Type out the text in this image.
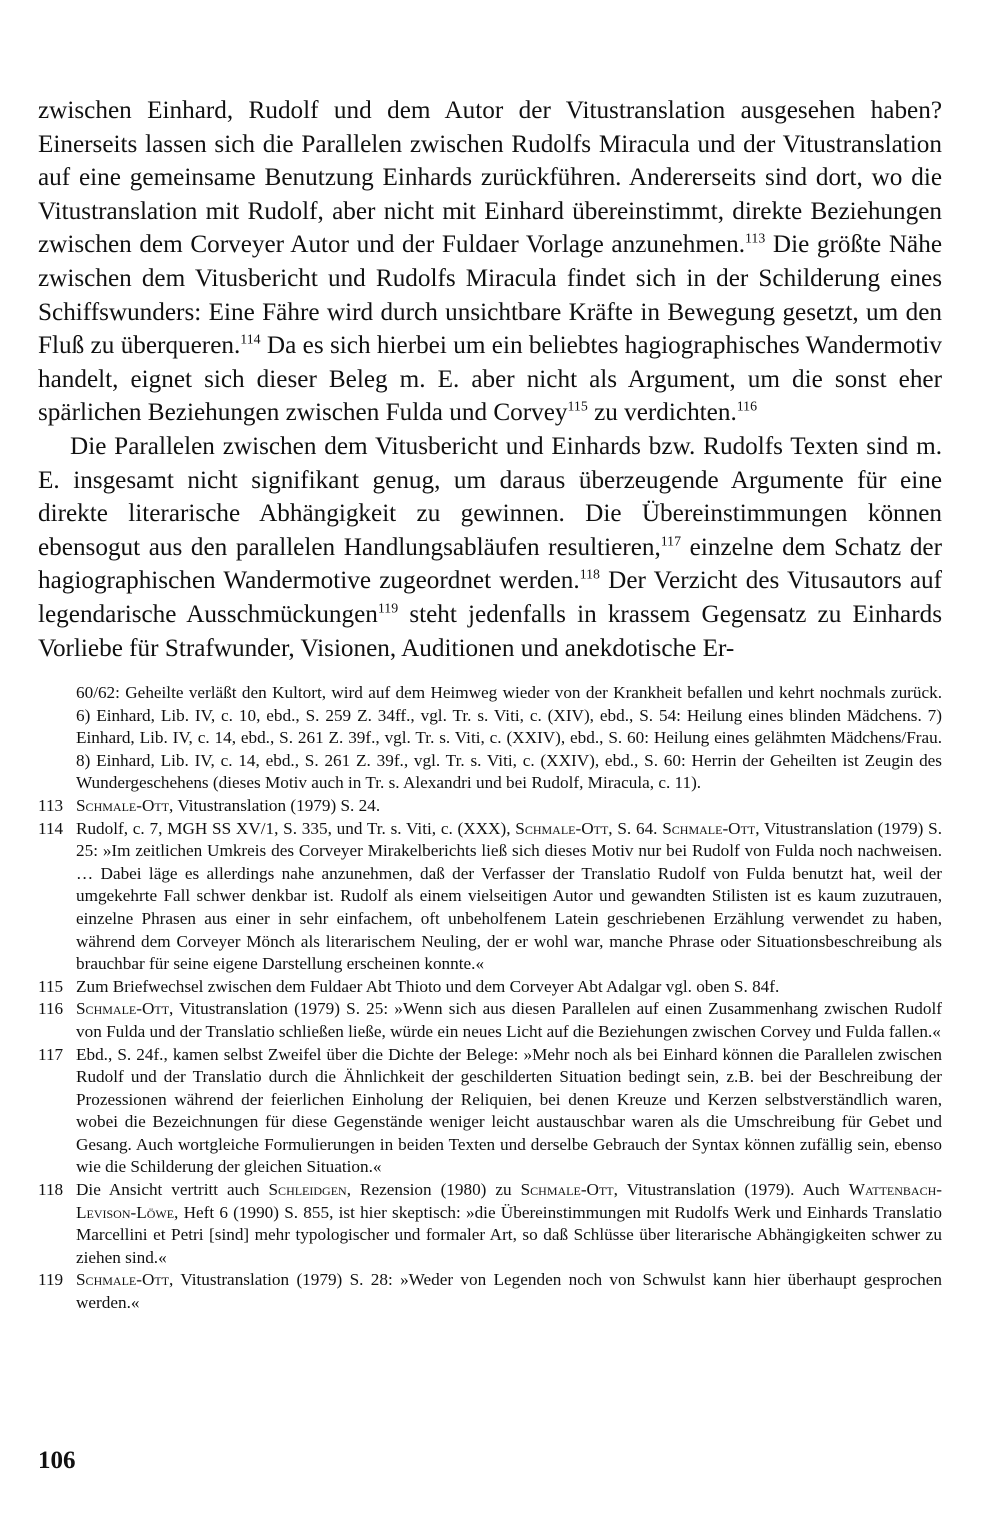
zwischen Einhard, Rudolf und dem Autor der Vitustranslation ausgesehen haben? Einerseits lassen sich die Parallelen zwischen Rudolfs Miracula und der Vitustranslation auf eine gemeinsame Benutzung Einhards zurückführen. Andererseits sind dort, wo die Vitustranslation mit Rudolf, aber nicht mit Einhard übereinstimmt, direkte Beziehungen zwischen dem Corveyer Autor und der Fuldaer Vorlage anzunehmen.$^{113}$ Die größte Nähe zwischen dem Vitusbericht und Rudolfs Miracula findet sich in der Schilderung eines Schiffswunders: Eine Fähre wird durch unsichtbare Kräfte in Bewegung gesetzt, um den Fluß zu überqueren.$^{114}$ Da es sich hierbei um ein beliebtes hagiographisches Wandermotiv handelt, eignet sich dieser Beleg m. E. aber nicht als Argument, um die sonst eher spärlichen Beziehungen zwischen Fulda und Corvey$^{115}$ zu verdichten.$^{116}$

Die Parallelen zwischen dem Vitusbericht und Einhards bzw. Rudolfs Texten sind m. E. insgesamt nicht signifikant genug, um daraus überzeugende Argumente für eine direkte literarische Abhängigkeit zu gewinnen. Die Übereinstimmungen können ebensogut aus den parallelen Handlungsabläufen resultieren,$^{117}$ einzelne dem Schatz der hagiographischen Wandermotive zugeordnet werden.$^{118}$ Der Verzicht des Vitusautors auf legendarische Ausschmückungen$^{119}$ steht jedenfalls in krassem Gegensatz zu Einhards Vorliebe für Strafwunder, Visionen, Auditionen und anekdotische Er-

60/62: Geheilte verläßt den Kultort, wird auf dem Heimweg wieder von der Krankheit befallen und kehrt nochmals zurück. 6) Einhard, Lib. IV, c. 10, ebd., S. 259 Z. 34ff., vgl. Tr. s. Viti, c. (XIV), ebd., S. 54: Heilung eines blinden Mädchens. 7) Einhard, Lib. IV, c. 14, ebd., S. 261 Z. 39f., vgl. Tr. s. Viti, c. (XXIV), ebd., S. 60: Heilung eines gelähmten Mädchens/Frau. 8) Einhard, Lib. IV, c. 14, ebd., S. 261 Z. 39f., vgl. Tr. s. Viti, c. (XXIV), ebd., S. 60: Herrin der Geheilten ist Zeugin des Wundergeschehens (dieses Motiv auch in Tr. s. Alexandri und bei Rudolf, Miracula, c. 11).

113 Schmale-Ott, Vitustranslation (1979) S. 24.

114 Rudolf, c. 7, MGH SS XV/1, S. 335, und Tr. s. Viti, c. (XXX), Schmale-Ott, S. 64. Schmale-Ott, Vitustranslation (1979) S. 25: »Im zeitlichen Umkreis des Corveyer Mirakelberichts ließ sich dieses Motiv nur bei Rudolf von Fulda noch nachweisen. … Dabei läge es allerdings nahe anzunehmen, daß der Verfasser der Translatio Rudolf von Fulda benutzt hat, weil der umgekehrte Fall schwer denkbar ist. Rudolf als einem vielseitigen Autor und gewandten Stilisten ist es kaum zuzutrauen, einzelne Phrasen aus einer in sehr einfachem, oft unbeholfenem Latein geschriebenen Erzählung verwendet zu haben, während dem Corveyer Mönch als literarischem Neuling, der er wohl war, manche Phrase oder Situationsbeschreibung als brauchbar für seine eigene Darstellung erscheinen konnte.«

115 Zum Briefwechsel zwischen dem Fuldaer Abt Thioto und dem Corveyer Abt Adalgar vgl. oben S. 84f.

116 Schmale-Ott, Vitustranslation (1979) S. 25: »Wenn sich aus diesen Parallelen auf einen Zusammenhang zwischen Rudolf von Fulda und der Translatio schließen ließe, würde ein neues Licht auf die Beziehungen zwischen Corvey und Fulda fallen.«

117 Ebd., S. 24f., kamen selbst Zweifel über die Dichte der Belege: »Mehr noch als bei Einhard können die Parallelen zwischen Rudolf und der Translatio durch die Ähnlichkeit der geschilderten Situation bedingt sein, z.B. bei der Beschreibung der Prozessionen während der feierlichen Einholung der Reliquien, bei denen Kreuze und Kerzen selbstverständlich waren, wobei die Bezeichnungen für diese Gegenstände weniger leicht austauschbar waren als die Umschreibung für Gebet und Gesang. Auch wortgleiche Formulierungen in beiden Texten und derselbe Gebrauch der Syntax können zufällig sein, ebenso wie die Schilderung der gleichen Situation.«

118 Die Ansicht vertritt auch Schleidgen, Rezension (1980) zu Schmale-Ott, Vitustranslation (1979). Auch Wattenbach-Levison-Löwe, Heft 6 (1990) S. 855, ist hier skeptisch: »die Übereinstimmungen mit Rudolfs Werk und Einhards Translatio Marcellini et Petri [sind] mehr typologischer und formaler Art, so daß Schlüsse über literarische Abhängigkeiten schwer zu ziehen sind.«

119 Schmale-Ott, Vitustranslation (1979) S. 28: »Weder von Legenden noch von Schwulst kann hier überhaupt gesprochen werden.«

106
